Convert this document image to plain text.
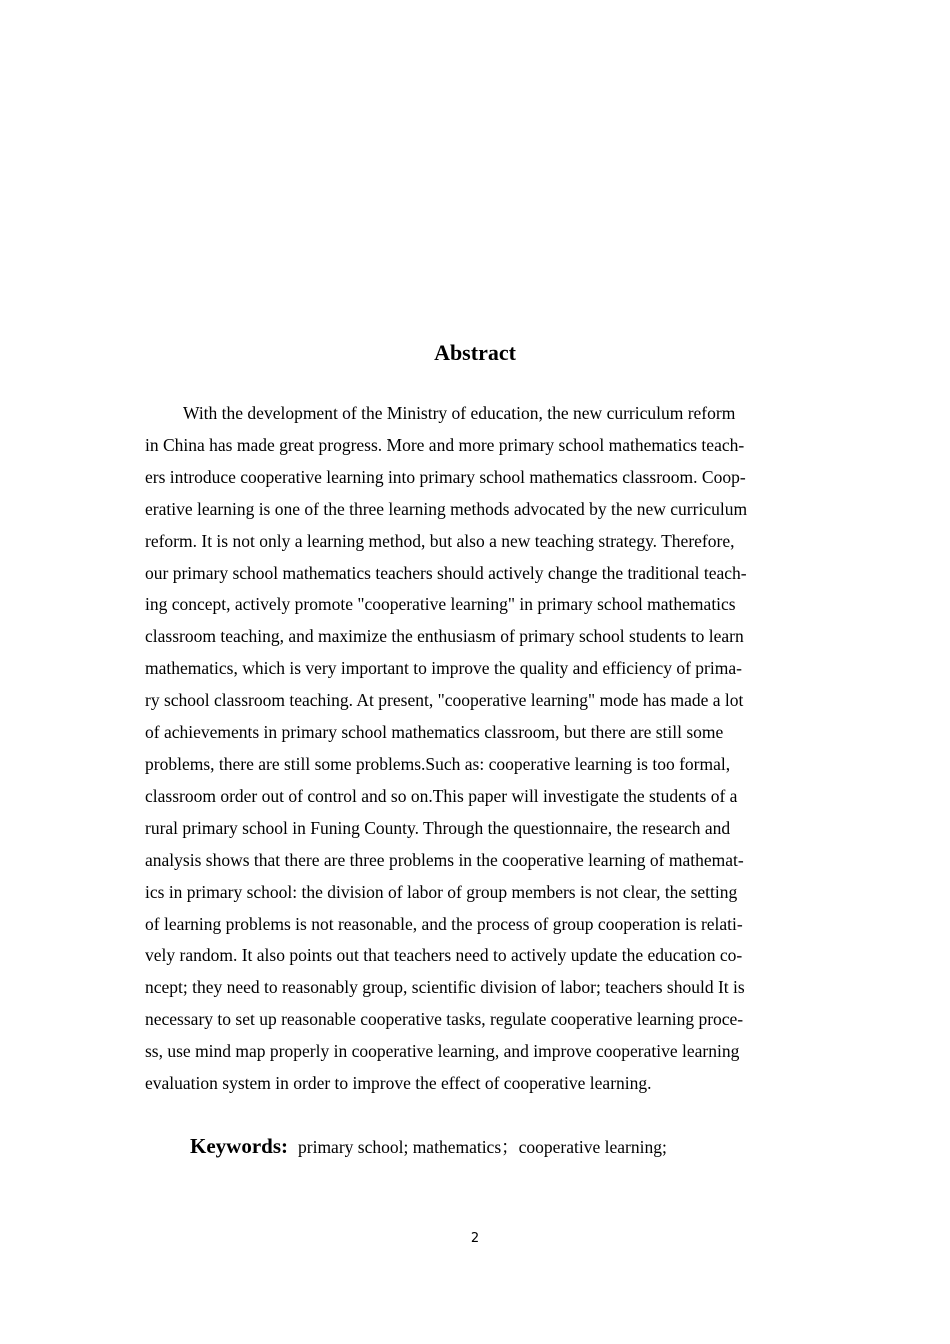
Abstract

With the development of the Ministry of education, the new curriculum reform
in China has made great progress. More and more primary school mathematics teach-
ers introduce cooperative learning into primary school mathematics classroom. Coop-
erative learning is one of the three learning methods advocated by the new curriculum
reform. It is not only a learning method, but also a new teaching strategy. Therefore,
our primary school mathematics teachers should actively change the traditional teach-
ing concept, actively promote "cooperative learning" in primary school mathematics
classroom teaching, and maximize the enthusiasm of primary school students to learn
mathematics, which is very important to improve the quality and efficiency of prima-
ry school classroom teaching. At present, "cooperative learning" mode has made a lot
of achievements in primary school mathematics classroom, but there are still some
problems, there are still some problems.Such as: cooperative learning is too formal,
classroom order out of control and so on.This paper will investigate the students of a
rural primary school in Funing County. Through the questionnaire, the research and
analysis shows that there are three problems in the cooperative learning of mathemat-
ics in primary school: the division of labor of group members is not clear, the setting
of learning problems is not reasonable, and the process of group cooperation is relati-
vely random. It also points out that teachers need to actively update the education co-
ncept; they need to reasonably group, scientific division of labor; teachers should It is
necessary to set up reasonable cooperative tasks, regulate cooperative learning proce-
ss, use mind map properly in cooperative learning, and improve cooperative learning
evaluation system in order to improve the effect of cooperative learning.

Keywords: primary school; mathematics；cooperative learning;
2
